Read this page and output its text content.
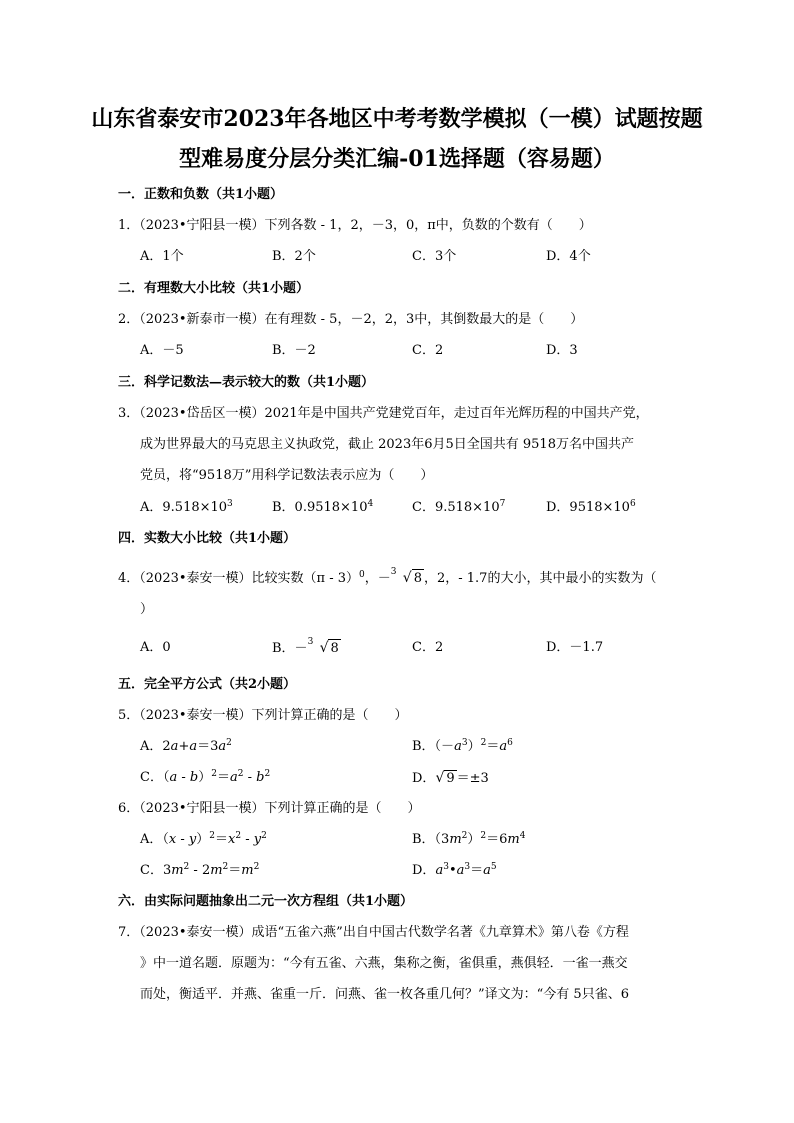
山东省泰安市2023年各地区中考考数学模拟（一模）试题按题
型难易度分层分类汇编-01选择题（容易题）
一．正数和负数（共1小题）
1．（2023•宁阳县一模）下列各数 - 1，2，－3，0，π中，负数的个数有（　　）
A．1个	B．2个	C．3个	D．4个
二．有理数大小比较（共1小题）
2．（2023•新泰市一模）在有理数 - 5，－2，2，3中，其倒数最大的是（　　）
A．－5	B．－2	C．2	D．3
三．科学记数法—表示较大的数（共1小题）
3．（2023•岱岳区一模）2021年是中国共产党建党百年，走过百年光辉历程的中国共产党，
成为世界最大的马克思主义执政党，截止 2023年6月5日全国共有 9518万名中国共产
党员，将“9518万”用科学记数法表示应为（　　）
A．$9.518\times 10^3$	B．$0.9518\times 10^4$	C．$9.518\times 10^7$	D．$9518\times 10^6$
四．实数大小比较（共1小题）
4．（2023•泰安一模）比较实数（π - 3）$^0$，－ 3 √ 8 ，2，- 1.7的大小，其中最小的实数为（
）
A．0	B．－ 3 √ 8	C．2	D．－1.7
五．完全平方公式（共2小题）
5．（2023•泰安一模）下列计算正确的是（　　）
A．$2a+a=3a^2$	B．$(-a^3)^2=a^6$
C．$(a - b)^2=a^2 - b^2$	D．√ 9 ＝±3
6．（2023•宁阳县一模）下列计算正确的是（　　）
A．$(x - y)^2=x^2 - y^2$	B．$(3m^2)^2=6m^4$
C．$3m^2 - 2m^2=m^2$	D．$a^3•a^3=a^5$
六．由实际问题抽象出二元一次方程组（共1小题）
7．（2023•泰安一模）成语“五雀六燕”出自中国古代数学名著《九章算术》第八卷《方程
》中一道名题．原题为：“今有五雀、六燕，集称之衡，雀俱重，燕俱轻．一雀一燕交
而处，衡适平．并燕、雀重一斤．问燕、雀一枚各重几何？”译文为：“今有 5只雀、6
